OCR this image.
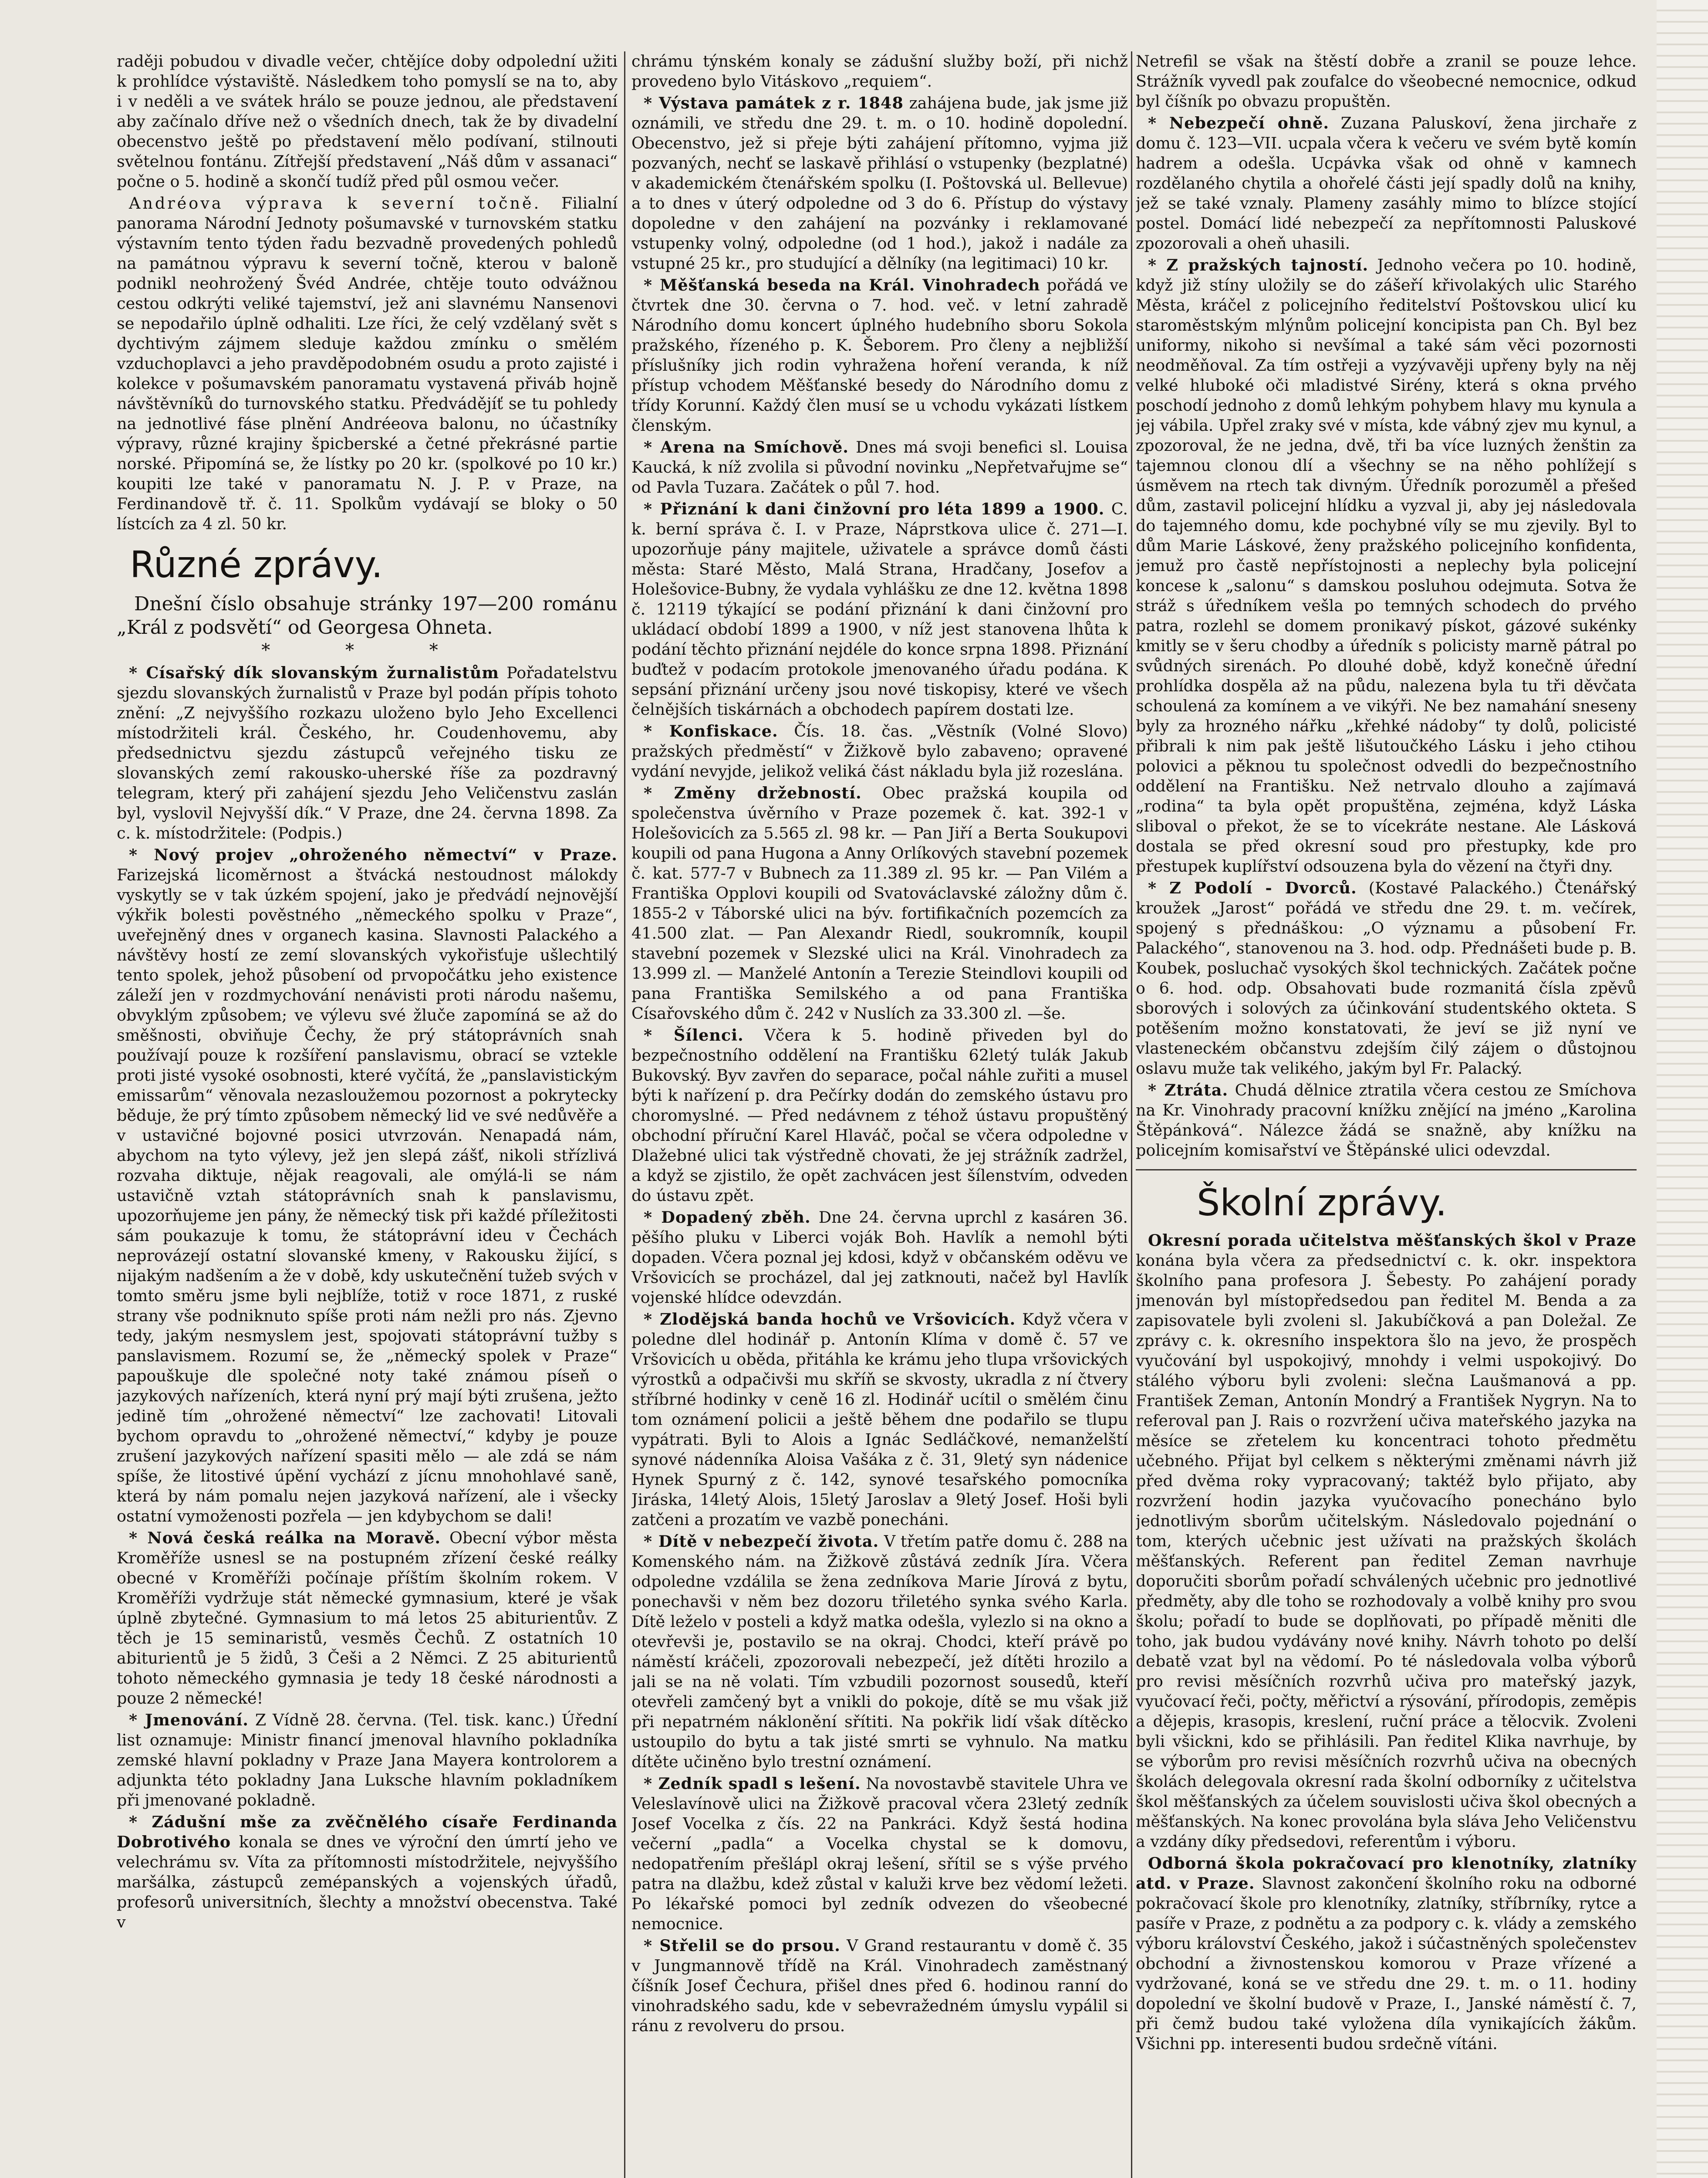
raději pobudou v divadle večer, chtějíce doby odpolední užiti k prohlídce výstaviště. Následkem toho pomyslí se na to, aby i v neděli a ve svátek hrálo se pouze jednou, ale představení aby začínalo dříve než o všedních dnech, tak že by divadelní obecenstvo ještě po představení mělo podívaní, stilnouti světelnou fontánu. Zítřejší představení „Náš dům v assanaci“ počne o 5. hodině a skončí tudíž před půl osmou večer.

Andréova výprava k severní točně. Filialní panorama Národní Jednoty pošumavské v turnovském statku výstavním tento týden řadu bezvadně provedených pohledů na památnou výpravu k severní točně, kterou v baloně podnikl neohrožený Švéd Andrée, chtěje touto odvážnou cestou odkrýti veliké tajemství, jež ani slavnému Nansenovi se nepodařilo úplně odhaliti. Lze říci, že celý vzdělaný svět s dychtivým zájmem sleduje každou zmínku o smělém vzduchoplavci a jeho pravděpodobném osudu a proto zajisté i kolekce v pošumavském panoramatu vystavená přiváb hojně návštěvníků do turnovského statku. Předvádějíť se tu pohledy na jednotlivé fáse plnění Andréeova balonu, no účastníky výpravy, různé krajiny špicberské a četné překrásné partie norské. Připomíná se, že lístky po 20 kr. (spolkové po 10 kr.) koupiti lze také v panoramatu N. J. P. v Praze, na Ferdinandově tř. č. 11. Spolkům vydávají se bloky o 50 lístcích za 4 zl. 50 kr.

Různé zprávy.

Dnešní číslo obsahuje stránky 197—200 románu „Král z podsvětí“ od Georgesa Ohneta.

* * *

* Císařský dík slovanským žurnalistům Pořadatelstvu sjezdu slovanských žurnalistů v Praze byl podán přípis tohoto znění: „Z nejvyššího rozkazu uloženo bylo Jeho Excellenci místodržiteli král. Českého, hr. Coudenhovemu, aby předsednictvu sjezdu zástupců veřejného tisku ze slovanských zemí rakousko-uherské říše za pozdravný telegram, který při zahájení sjezdu Jeho Veličenstvu zaslán byl, vyslovil Nejvyšší dík.“ V Praze, dne 24. června 1898. Za c. k. místodržitele: (Podpis.)

* Nový projev „ohroženého němectví“ v Praze. Farizejská licoměrnost a štvácká nestoudnost málokdy vyskytly se v tak úzkém spojení, jako je předvádí nejnovější výkřik bolesti pověstného „německého spolku v Praze“, uveřejněný dnes v organech kasina. Slavnosti Palackého a návštěvy hostí ze zemí slovanských vykořisťuje ušlechtilý tento spolek, jehož působení od prvopočátku jeho existence záleží jen v rozdmychování nenávisti proti národu našemu, obvyklým způsobem; ve výlevu své žluče zapomíná se až do směšnosti, obviňuje Čechy, že prý státoprávních snah používají pouze k rozšíření panslavismu, obrací se vztekle proti jisté vysoké osobnosti, které vyčítá, že „panslavistickým emissarům“ věnovala nezasloužemou pozornost a pokrytecky běduje, že prý tímto způsobem německý lid ve své nedůvěře a v ustavičné bojovné posici utvrzován. Nenapadá nám, abychom na tyto výlevy, jež jen slepá zášť, nikoli střízlivá rozvaha diktuje, nějak reagovali, ale omýlá-li se nám ustavičně vztah státoprávních snah k panslavismu, upozorňujeme jen pány, že německý tisk při každé příležitosti sám poukazuje k tomu, že státoprávní ideu v Čechách neprovázejí ostatní slovanské kmeny, v Rakousku žijící, s nijakým nadšením a že v době, kdy uskutečnění tužeb svých v tomto směru jsme byli nejblíže, totiž v roce 1871, z ruské strany vše podniknuto spíše proti nám nežli pro nás. Zjevno tedy, jakým nesmyslem jest, spojovati státoprávní tužby s panslavismem. Rozumí se, že „německý spolek v Praze“ papouškuje dle společné noty také známou píseň o jazykových nařízeních, která nyní prý mají býti zrušena, ježto jedině tím „ohrožené němectví“ lze zachovati! Litovali bychom opravdu to „ohrožené němectví,“ kdyby je pouze zrušení jazykových nařízení spasiti mělo — ale zdá se nám spíše, že litostivé úpění vychází z jícnu mnohohlavé saně, která by nám pomalu nejen jazyková nařízení, ale i všecky ostatní vymoženosti pozřela — jen kdybychom se dali!

* Nová česká reálka na Moravě. Obecní výbor města Kroměříže usnesl se na postupném zřízení české reálky obecné v Kroměříži počínaje příštím školním rokem. V Kroměříži vydržuje stát německé gymnasium, které je však úplně zbytečné. Gymnasium to má letos 25 abiturientův. Z těch je 15 seminaristů, vesměs Čechů. Z ostatních 10 abiturientů je 5 židů, 3 Češi a 2 Němci. Z 25 abiturientů tohoto německého gymnasia je tedy 18 české národnosti a pouze 2 německé!

* Jmenování. Z Vídně 28. června. (Tel. tisk. kanc.) Úřední list oznamuje: Ministr financí jmenoval hlavního pokladníka zemské hlavní pokladny v Praze Jana Mayera kontrolorem a adjunkta této pokladny Jana Lukschе hlavním pokladníkem při jmenované pokladně.

* Zádušní mše za zvěčnělého císaře Ferdinanda Dobrotivého konala se dnes ve výroční den úmrtí jeho ve velechrámu sv. Víta za přítomnosti místodržitele, nejvyššího maršálka, zástupců zemépanských a vojenských úřadů, profesorů universitních, šlechty a množství obecenstva. Také v

chrámu týnském konaly se zádušní služby boží, při nichž provedeno bylo Vitáskovo „requiem“.

* Výstava památek z r. 1848 zahájena bude, jak jsme již oznámili, ve středu dne 29. t. m. o 10. hodině dopolední. Obecenstvo, jež si přeje býti zahájení přítomno, vyjma již pozvaných, nechť se laskavě přihlásí o vstupenky (bezplatné) v akademickém čtenářském spolku (I. Poštovská ul. Bellevue) a to dnes v úterý odpoledne od 3 do 6. Přístup do výstavy dopoledne v den zahájení na pozvánky i reklamované vstupenky volný, odpoledne (od 1 hod.), jakož i nadále za vstupné 25 kr., pro studující a dělníky (na legitimaci) 10 kr.

* Měšťanská beseda na Král. Vinohradech pořádá ve čtvrtek dne 30. června o 7. hod. več. v letní zahradě Národního domu koncert úplného hudebního sboru Sokola pražského, řízeného p. K. Šeborem. Pro členy a nejbližší příslušníky jich rodin vyhražena hoření veranda, k níž přístup vchodem Měšťanské besedy do Národního domu z třídy Korunní. Každý člen musí se u vchodu vykázati lístkem členským.

* Arena na Smíchově. Dnes má svoji benefici sl. Louisa Kaucká, k níž zvolila si původní novinku „Nepřetvařujme se“ od Pavla Tuzara. Začátek o půl 7. hod.

* Přiznání k dani činžovní pro léta 1899 a 1900. C. k. berní správa č. I. v Praze, Náprstkova ulice č. 271—I. upozorňuje pány majitele, uživatele a správce domů části města: Staré Město, Malá Strana, Hradčany, Josefov a Holešovice-Bubny, že vydala vyhlášku ze dne 12. května 1898 č. 12119 týkající se podání přiznání k dani činžovní pro ukládací období 1899 a 1900, v níž jest stanovena lhůta k podání těchto přiznání nejdéle do konce srpna 1898. Přiznání buďtež v podacím protokole jmenovaného úřadu podána. K sepsání přiznání určeny jsou nové tiskopisy, které ve všech čelnějších tiskárnách a obchodech papírem dostati lze.

* Konfiskace. Čís. 18. čas. „Věstník (Volné Slovo) pražských předměstí“ v Žižkově bylo zabaveno; opravené vydání nevyjde, jelikož veliká část nákladu byla již rozeslána.

* Změny držebností. Obec pražská koupila od společenstva úvěrního v Praze pozemek č. kat. 392-1 v Holešovicích za 5.565 zl. 98 kr. — Pan Jiří a Berta Soukupovi koupili od pana Hugona a Anny Orlíkových stavební pozemek č. kat. 577-7 v Bubnech za 11.389 zl. 95 kr. — Pan Vilém a Františka Opplovi koupili od Svatováclavské záložny dům č. 1855-2 v Táborské ulici na býv. fortifikačních pozemcích za 41.500 zlat. — Pan Alexandr Riedl, soukromník, koupil stavební pozemek v Slezské ulici na Král. Vinohradech za 13.999 zl. — Manželé Antonín a Terezie Steindlovi koupili od pana Františka Semilského a od pana Františka Císařovského dům č. 242 v Nuslích za 33.300 zl. —še.

* Šílenci. Včera k 5. hodině přiveden byl do bezpečnostního oddělení na Františku 62letý tulák Jakub Bukovský. Byv zavřen do separace, počal náhle zuřiti a musel býti k nařízení p. dra Pečírky dodán do zemského ústavu pro choromyslné. — Před nedávnem z téhož ústavu propuštěný obchodní příruční Karel Hlaváč, počal se včera odpoledne v Dlažebné ulici tak výstředně chovati, že jej strážník zadržel, a když se zjistilo, že opět zachvácen jest šílenstvím, odveden do ústavu zpět.

* Dopadený zběh. Dne 24. června uprchl z kasáren 36. pěšího pluku v Liberci voják Boh. Havlík a nemohl býti dopaden. Včera poznal jej kdosi, když v občanském oděvu ve Vršovicích se procházel, dal jej zatknouti, načež byl Havlík vojenské hlídce odevzdán.

* Zlodějská banda hochů ve Vršovicích. Když včera v poledne dlel hodinář p. Antonín Klíma v domě č. 57 ve Vršovicích u oběda, přitáhla ke krámu jeho tlupa vršovických výrostků a odpačivši mu skříň se skvosty, ukradla z ní čtvery stříbrné hodinky v ceně 16 zl. Hodinář ucítil o smělém činu tom oznámení policii a ještě během dne podařilo se tlupu vypátrati. Byli to Alois a Ignác Sedláčkové, nemanželští synové nádenníka Aloisa Vašáka z č. 31, 9letý syn nádenice Hynek Spurný z č. 142, synové tesařského pomocníka Jiráska, 14letý Alois, 15letý Jaroslav a 9letý Josef. Hoši byli zatčeni a prozatím ve vazbě ponecháni.

* Dítě v nebezpečí života. V třetím patře domu č. 288 na Komenského nám. na Žižkově zůstává zedník Jíra. Včera odpoledne vzdálila se žena zedníkova Marie Jírová z bytu, ponechavši v něm bez dozoru třiletého synka svého Karla. Dítě leželo v posteli a když matka odešla, vylezlo si na okno a otevřevši je, postavilo se na okraj. Chodci, kteří právě po náměstí kráčeli, zpozorovali nebezpečí, jež dítěti hrozilo a jali se na ně volati. Tím vzbudili pozornost sousedů, kteří otevřeli zamčený byt a vnikli do pokoje, dítě se mu však již při nepatrném náklonění sřítiti. Na pokřik lidí však dítěcko ustoupilo do bytu a tak jisté smrti se vyhnulo. Na matku dítěte učiněno bylo trestní oznámení.

* Zedník spadl s lešení. Na novostavbě stavitele Uhra ve Veleslavínově ulici na Žižkově pracoval včera 23letý zedník Josef Vocelka z čís. 22 na Pankráci. Když šestá hodina večerní „padla“ a Vocelka chystal se k domovu, nedopatřením přešlápl okraj lešení, sřítil se s výše prvého patra na dlažbu, kdež zůstal v kaluži krve bez vědomí ležeti. Po lékařské pomoci byl zedník odvezen do všeobecné nemocnice.

* Střelil se do prsou. V Grand restaurantu v domě č. 35 v Jungmannově třídě na Král. Vinohradech zaměstnaný číšník Josef Čechura, přišel dnes před 6. hodinou ranní do vinohradského sadu, kde v sebevražedném úmyslu vypálil si ránu z revolveru do prsou.

Netrefil se však na štěstí dobře a zranil se pouze lehce. Strážník vyvedl pak zoufalce do všeobecné nemocnice, odkud byl číšník po obvazu propuštěn.

* Nebezpečí ohně. Zuzana Paluskoví, žena jirchaře z domu č. 123—VII. ucpala včera k večeru ve svém bytě komín hadrem a odešla. Ucpávka však od ohně v kamnech rozdělaného chytila a ohořelé části její spadly dolů na knihy, jež se také vznaly. Plameny zasáhly mimo to blízce stojící postel. Domácí lidé nebezpečí za nepřítomnosti Paluskové zpozorovali a oheň uhasili.

* Z pražských tajností. Jednoho večera po 10. hodině, když již stíny uložily se do zášeří křivolakých ulic Starého Města, kráčel z policejního ředitelství Poštovskou ulicí ku staroměstským mlýnům policejní koncipista pan Ch. Byl bez uniformy, nikoho si nevšímal a také sám věci pozornosti neodměňoval. Za tím ostřeji a vyzývavěji upřeny byly na něj velké hluboké oči mladistvé Sirény, která s okna prvého poschodí jednoho z domů lehkým pohybem hlavy mu kynula a jej vábila. Upřel zraky své v místa, kde vábný zjev mu kynul, a zpozoroval, že ne jedna, dvě, tři ba více luzných ženštin za tajemnou clonou dlí a všechny se na něho pohlížejí s úsměvem na rtech tak divným. Úředník porozuměl a přešed dům, zastavil policejní hlídku a vyzval ji, aby jej následovala do tajemného domu, kde pochybné víly se mu zjevily. Byl to dům Marie Láskové, ženy pražského policejního konfidenta, jemuž pro častě nepřístojnosti a neplechy byla policejní koncese k „salonu“ s damskou posluhou odejmuta. Sotva že stráž s úředníkem vešla po temných schodech do prvého patra, rozlehl se domem pronikavý pískot, gázové sukénky kmitly se v šeru chodby a úředník s policisty marně pátral po svůdných sirenách. Po dlouhé době, když konečně úřední prohlídka dospěla až na půdu, nalezena byla tu tři děvčata schoulená za komínem a ve vikýři. Ne bez namahání sneseny byly za hrozného nářku „křehké nádoby“ ty dolů, policisté přibrali k nim pak ještě lišutoučkého Lásku i jeho ctihou polovici a pěknou tu společnost odvedli do bezpečnostního oddělení na Františku. Než netrvalo dlouho a zajímavá „rodina“ ta byla opět propuštěna, zejména, když Láska sliboval o překot, že se to vícekráte nestane. Ale Lásková dostala se před okresní soud pro přestupky, kde pro přestupek kuplířství odsouzena byla do vězení na čtyři dny.

* Z Podolí - Dvorců. (Kostavé Palackého.) Čtenářský kroužek „Jarost“ pořádá ve středu dne 29. t. m. večírek, spojený s přednáškou: „O významu a působení Fr. Palackého“, stanovenou na 3. hod. odp. Přednášeti bude p. B. Koubek, posluchač vysokých škol technických. Začátek počne o 6. hod. odp. Obsahovati bude rozmanitá čísla zpěvů sborových i solových za účinkování studentského okteta. S potěšením možno konstatovati, že jeví se již nyní ve vlasteneckém občanstvu zdejším čilý zájem o důstojnou oslavu muže tak velikého, jakým byl Fr. Palacký.

* Ztráta. Chudá dělnice ztratila včera cestou ze Smíchova na Kr. Vinohrady pracovní knížku znějící na jméno „Karolina Štěpánková“. Nálezce žádá se snažně, aby knížku na policejním komisařství ve Štěpánské ulici odevzdal.

Školní zprávy.

Okresní porada učitelstva měšťanských škol v Praze konána byla včera za předsednictví c. k. okr. inspektora školního pana profesora J. Šebesty. Po zahájení porady jmenován byl místopředsedou pan ředitel M. Benda a za zapisovatele byli zvoleni sl. Jakubíčková a pan Doležal. Ze zprávy c. k. okresního inspektora šlo na jevo, že prospěch vyučování byl uspokojivý, mnohdy i velmi uspokojivý. Do stálého výboru byli zvoleni: slečna Laušmanová a pp. František Zeman, Antonín Mondrý a František Nygryn. Na to referoval pan J. Rais o rozvržení učiva mateřského jazyka na měsíce se zřetelem ku koncentraci tohoto předmětu učebného. Přijat byl celkem s některými změnami návrh již před dvěma roky vypracovaný; taktéž bylo přijato, aby rozvržení hodin jazyka vyučovacího ponecháno bylo jednotlivým sborům učitelským. Následovalo pojednání o tom, kterých učebnic jest užívati na pražských školách měšťanských. Referent pan ředitel Zeman navrhuje doporučiti sborům pořadí schválených učebnic pro jednotlivé předměty, aby dle toho se rozhodovaly a volbě knihy pro svou školu; pořadí to bude se doplňovati, po případě měniti dle toho, jak budou vydávány nové knihy. Návrh tohoto po delší debatě vzat byl na vědomí. Po té následovala volba výborů pro revisi měsíčních rozvrhů učiva pro mateřský jazyk, vyučovací řeči, počty, měřictví a rýsování, přírodopis, zeměpis a dějepis, krasopis, kreslení, ruční práce a tělocvik. Zvoleni byli všickni, kdo se přihlásili. Pan ředitel Klika navrhuje, by se výborům pro revisi měsíčních rozvrhů učiva na obecných školách delegovala okresní rada školní odborníky z učitelstva škol měšťanských za účelem souvislosti učiva škol obecných a měšťanských. Na konec provolána byla sláva Jeho Veličenstvu a vzdány díky předsedovi, referentům i výboru.

Odborná škola pokračovací pro klenotníky, zlatníky atd. v Praze. Slavnost zakončení školního roku na odborné pokračovací škole pro klenotníky, zlatníky, stříbrníky, rytce a pasíře v Praze, z podnětu a za podpory c. k. vlády a zemského výboru království Českého, jakož i súčastněných společenstev obchodní a živnostenskou komorou v Praze vřízené a vydržované, koná se ve středu dne 29. t. m. o 11. hodiny dopolední ve školní budově v Praze, I., Janské náměstí č. 7, při čemž budou také vyložena díla vynikajících žákům. Všichni pp. interesenti budou srdečně vítáni.
